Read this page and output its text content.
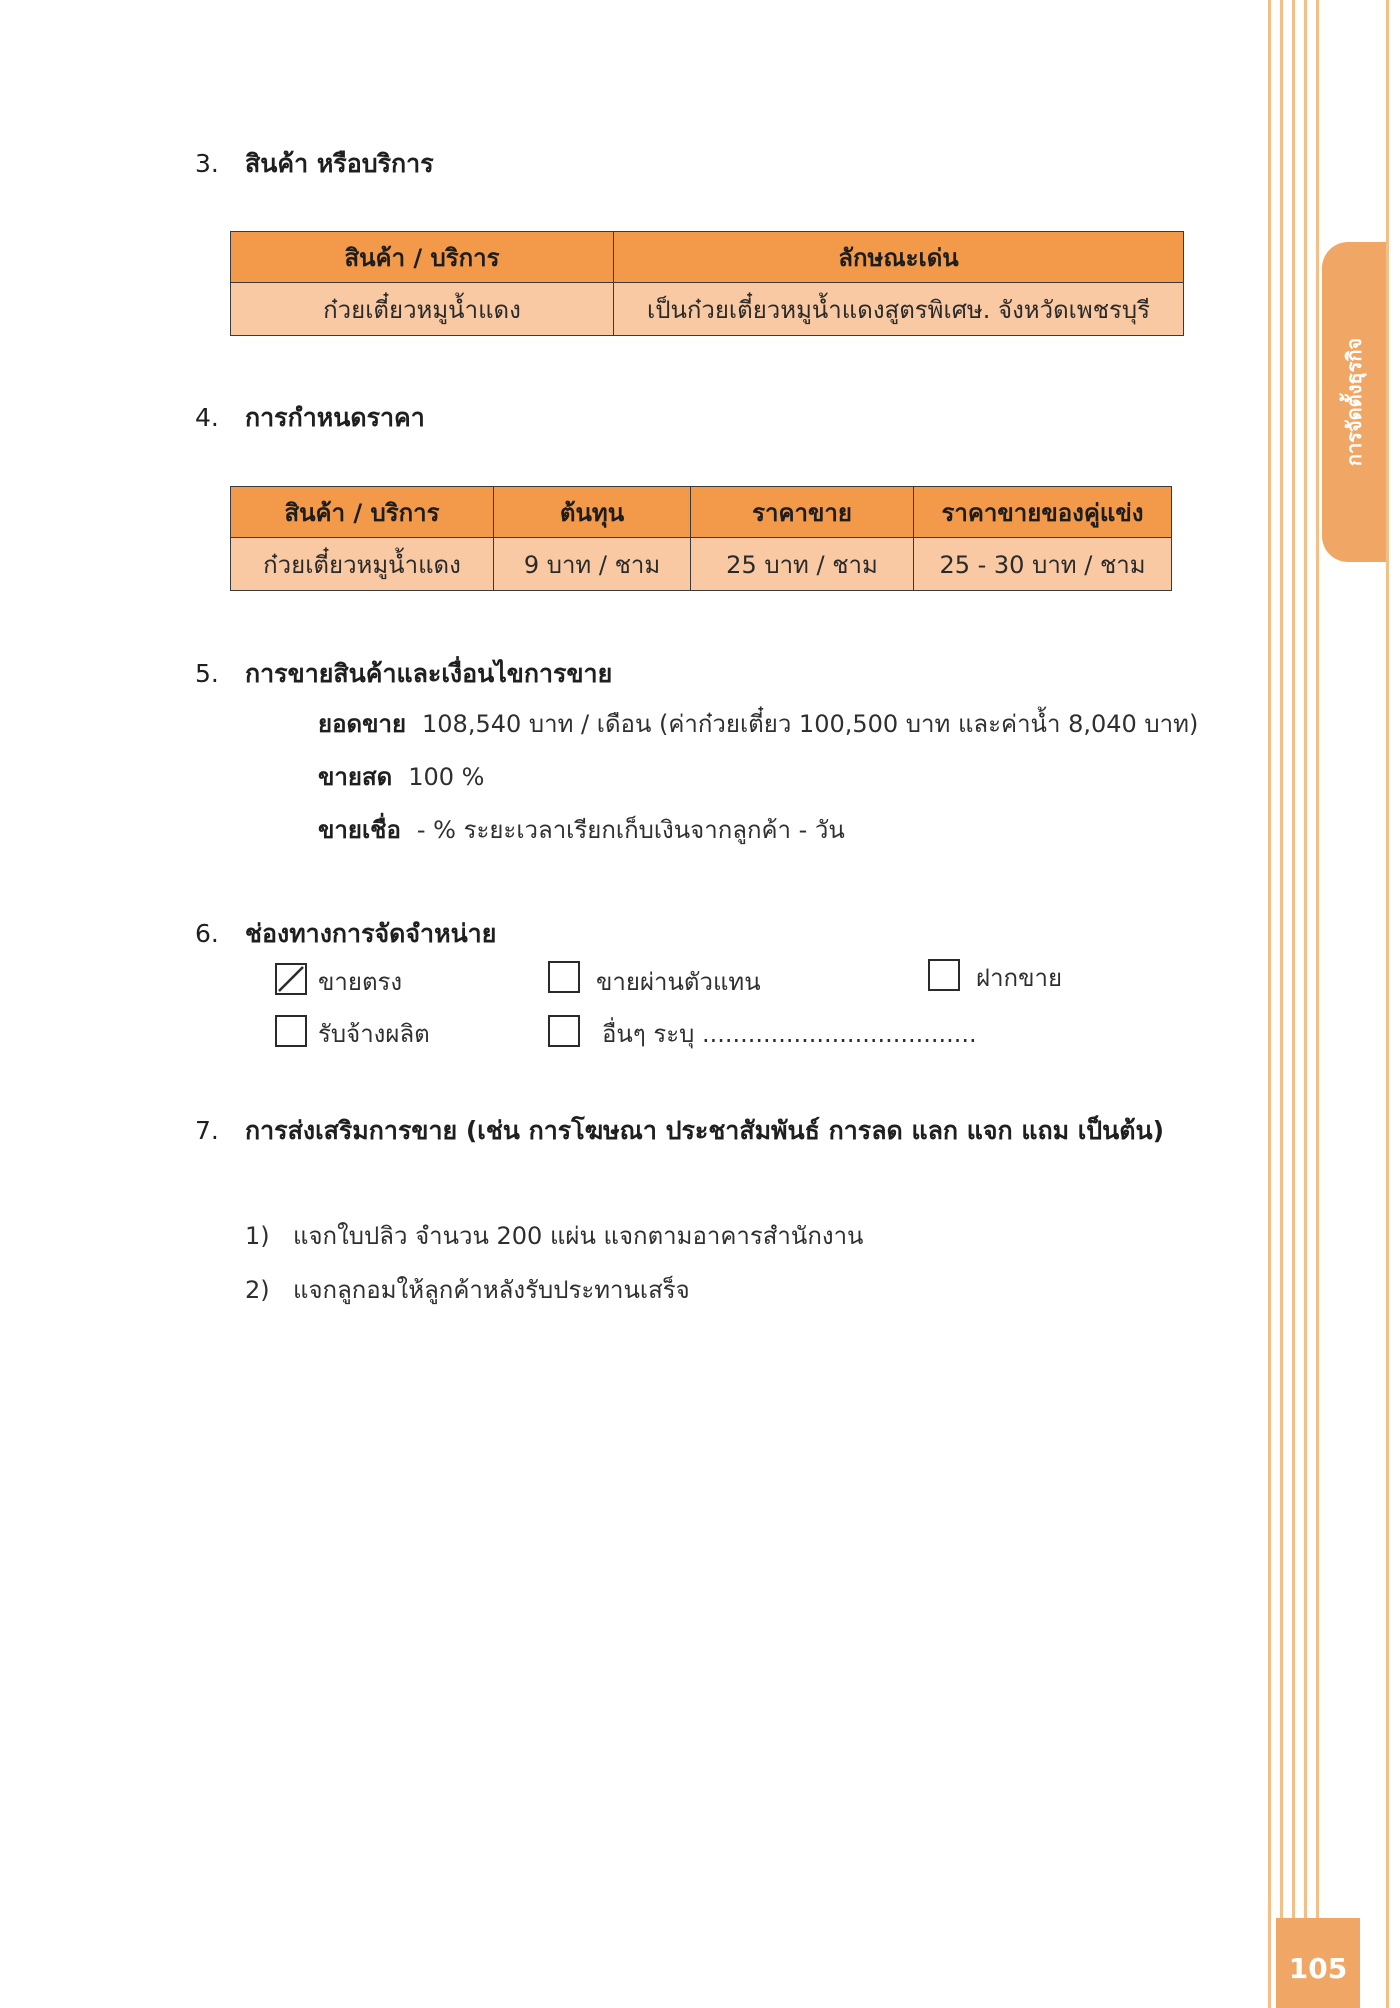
การจัดตั้งธุรกิจ
105
3. สินค้า หรือบริการ
สินค้า / บริการ	ลักษณะเด่น
ก๋วยเตี๋ยวหมูน้ำแดง	เป็นก๋วยเตี๋ยวหมูน้ำแดงสูตรพิเศษ. จังหวัดเพชรบุรี
4. การกำหนดราคา
สินค้า / บริการ	ต้นทุน	ราคาขาย	ราคาขายของคู่แข่ง
ก๋วยเตี๋ยวหมูน้ำแดง	9 บาท / ชาม	25 บาท / ชาม	25 - 30 บาท / ชาม
5. การขายสินค้าและเงื่อนไขการขาย
ยอดขาย 108,540 บาท / เดือน (ค่าก๋วยเตี๋ยว 100,500 บาท และค่าน้ำ 8,040 บาท)
ขายสด 100 %
ขายเชื่อ - % ระยะเวลาเรียกเก็บเงินจากลูกค้า - วัน
6. ช่องทางการจัดจำหน่าย
ขายตรง	ขายผ่านตัวแทน	ฝากขาย
รับจ้างผลิต	อื่นๆ ระบุ ....................................
7. การส่งเสริมการขาย (เช่น การโฆษณา ประชาสัมพันธ์ การลด แลก แจก แถม เป็นต้น)
1) แจกใบปลิว จำนวน 200 แผ่น แจกตามอาคารสำนักงาน
2) แจกลูกอมให้ลูกค้าหลังรับประทานเสร็จ
